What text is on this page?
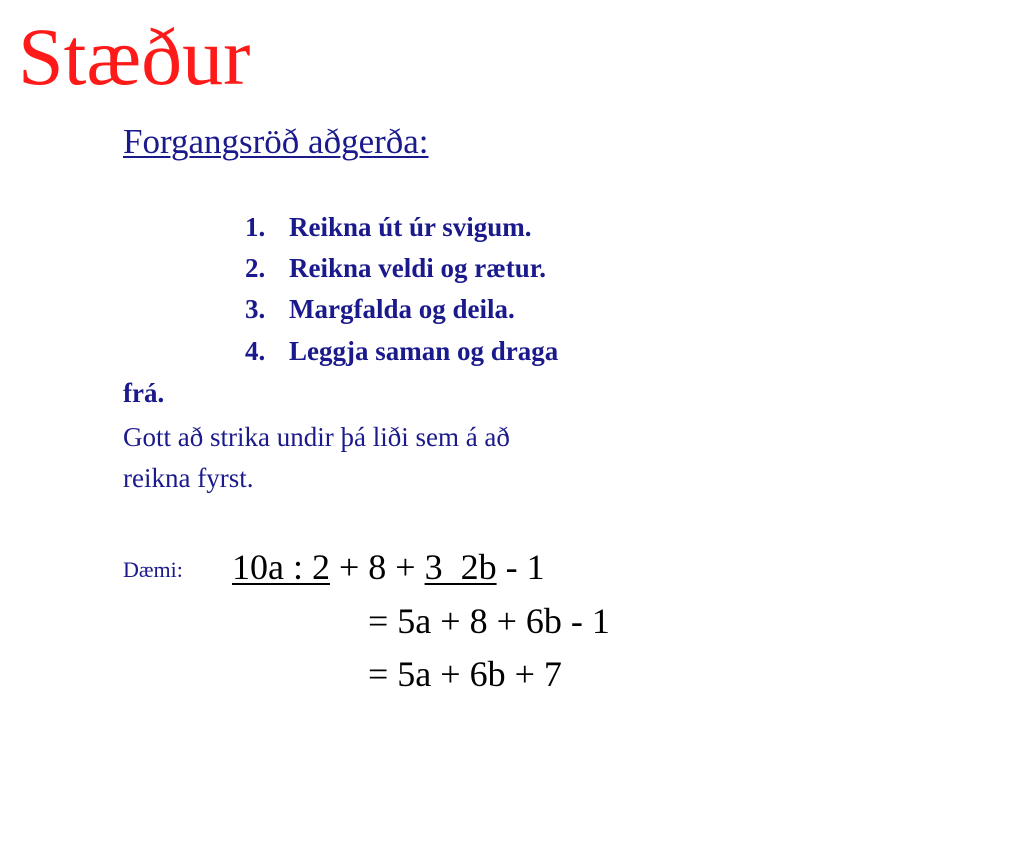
Stæður
Forgangsröð aðgerða:
1. Reikna út úr svigum.
2. Reikna veldi og rætur.
3. Margfalda og deila.
4. Leggja saman og draga
frá.
Gott að strika undir þá liði sem á að
reikna fyrst.
Dæmi: 10a : 2 + 8 + 3  2b - 1
= 5a + 8 + 6b - 1
= 5a + 6b + 7
